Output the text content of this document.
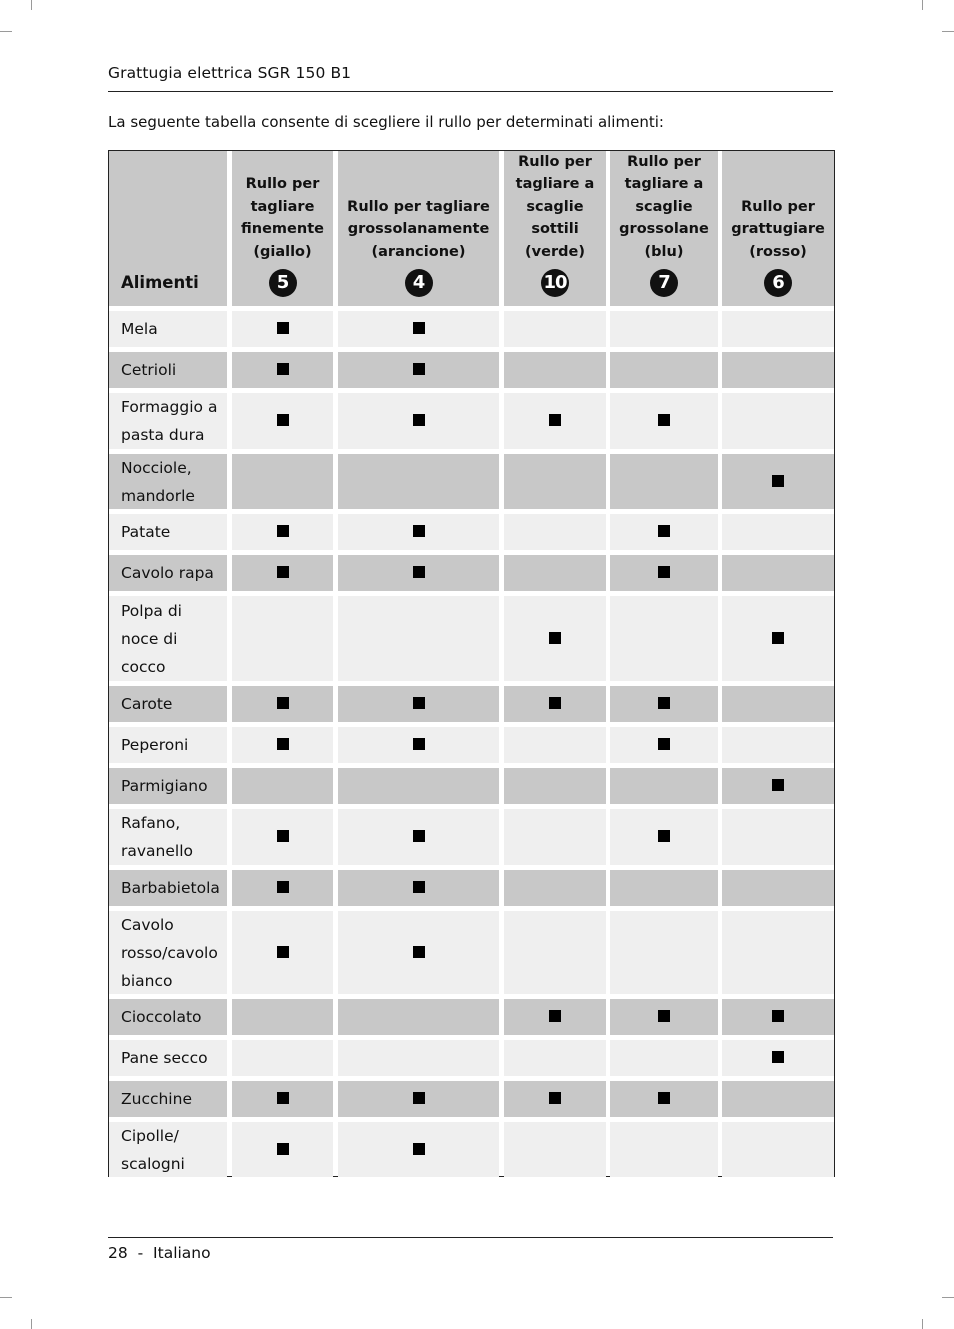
Grattugia elettrica SGR 150 B1
La seguente tabella consente di scegliere il rullo per determinati alimenti:
Alimenti
Rullo per
tagliare
finemente
(giallo)
5
Rullo per tagliare
grossolanamente
(arancione)
4
Rullo per
tagliare a
scaglie
sottili
(verde)
10
Rullo per
tagliare a
scaglie
grossolane
(blu)
7
Rullo per
grattugiare
(rosso)
6
Mela
Cetrioli
Formaggio a
pasta dura
Nocciole,
mandorle
Patate
Cavolo rapa
Polpa di
noce di
cocco
Carote
Peperoni
Parmigiano
Rafano,
ravanello
Barbabietola
Cavolo
rosso/cavolo
bianco
Cioccolato
Pane secco
Zucchine
Cipolle/
scalogni
28 - Italiano
